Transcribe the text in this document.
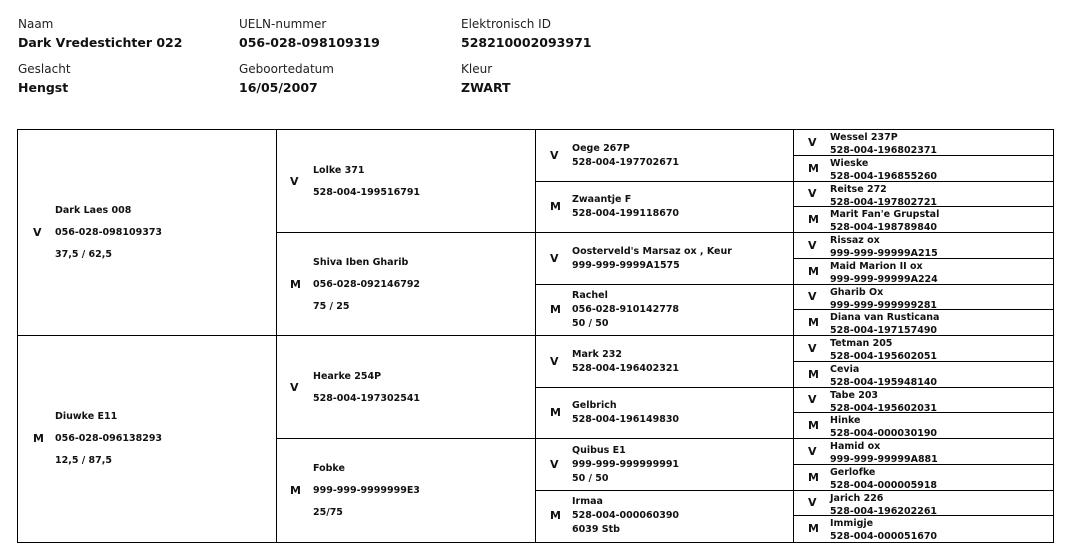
Naam
Dark Vredestichter 022
UELN-nummer
056-028-098109319
Elektronisch ID
528210002093971
Geslacht
Hengst
Geboortedatum
16/05/2007
Kleur
ZWART
V
Dark Laes 008
056-028-098109373
37,5 / 62,5
M
Diuwke E11
056-028-096138293
12,5 / 87,5
V
Lolke 371
528-004-199516791
M
Shiva Iben Gharib
056-028-092146792
75 / 25
V
Hearke 254P
528-004-197302541
M
Fobke
999-999-9999999E3
25/75
V
Oege 267P
528-004-197702671
M
Zwaantje F
528-004-199118670
V
Oosterveld's Marsaz ox , Keur
999-999-9999A1575
M
Rachel
056-028-910142778
50 / 50
V
Mark 232
528-004-196402321
M
Gelbrich
528-004-196149830
V
Quibus E1
999-999-999999991
50 / 50
M
Irmaa
528-004-000060390
6039 Stb
V Wessel 237P
528-004-196802371
M Wieske
528-004-196855260
V Reitse 272
528-004-197802721
M Marit Fan'e Grupstal
528-004-198789840
V Rissaz ox
999-999-99999A215
M Maid Marion II ox
999-999-99999A224
V Gharib Ox
999-999-999999281
M Diana van Rusticana
528-004-197157490
V Tetman 205
528-004-195602051
M Cevia
528-004-195948140
V Tabe 203
528-004-195602031
M Hinke
528-004-000030190
V Hamid ox
999-999-99999A881
M Gerlofke
528-004-000005918
V Jarich 226
528-004-196202261
M Immigje
528-004-000051670
